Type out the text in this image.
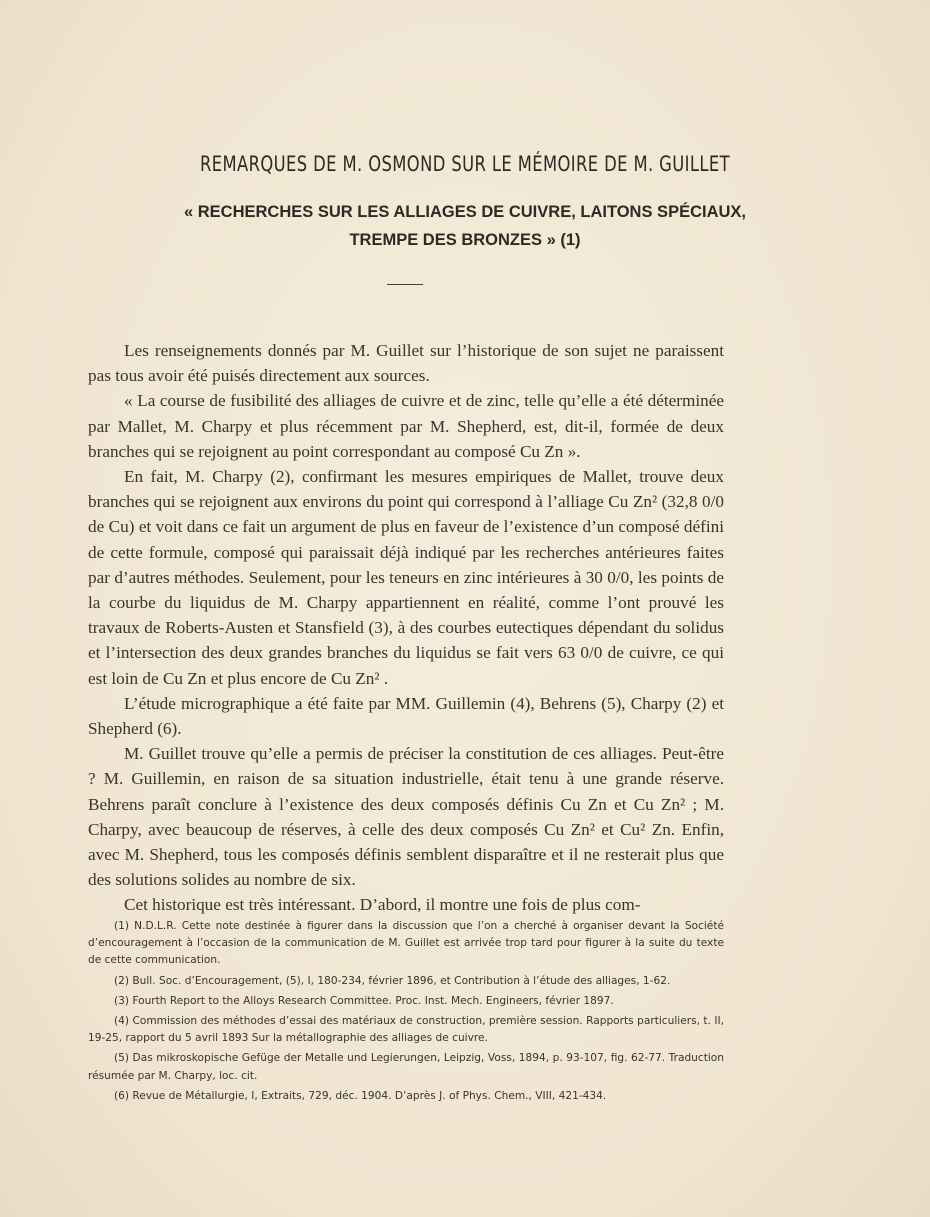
REMARQUES DE M. OSMOND SUR LE MÉMOIRE DE M. GUILLET
« RECHERCHES SUR LES ALLIAGES DE CUIVRE, LAITONS SPÉCIAUX,
TREMPE DES BRONZES » (1)

Les renseignements donnés par M. Guillet sur l’historique de son sujet ne paraissent pas tous avoir été puisés directement aux sources.

« La course de fusibilité des alliages de cuivre et de zinc, telle qu’elle a été déterminée par Mallet, M. Charpy et plus récemment par M. Shepherd, est, dit-il, formée de deux branches qui se rejoignent au point correspondant au composé Cu Zn ».

En fait, M. Charpy (2), confirmant les mesures empiriques de Mallet, trouve deux branches qui se rejoignent aux environs du point qui correspond à l’alliage Cu Zn² (32,8 0/0 de Cu) et voit dans ce fait un argument de plus en faveur de l’existence d’un composé défini de cette formule, composé qui paraissait déjà indiqué par les recherches antérieures faites par d’autres méthodes. Seulement, pour les teneurs en zinc intérieures à 30 0/0, les points de la courbe du liquidus de M. Charpy appartiennent en réalité, comme l’ont prouvé les travaux de Roberts-Austen et Stansfield (3), à des courbes eutectiques dépendant du solidus et l’intersection des deux grandes branches du liquidus se fait vers 63 0/0 de cuivre, ce qui est loin de Cu Zn et plus encore de Cu Zn² .

L’étude micrographique a été faite par MM. Guillemin (4), Behrens (5), Charpy (2) et Shepherd (6).

M. Guillet trouve qu’elle a permis de préciser la constitution de ces alliages. Peut-être ? M. Guillemin, en raison de sa situation industrielle, était tenu à une grande réserve. Behrens paraît conclure à l’existence des deux composés définis Cu Zn et Cu Zn² ; M. Charpy, avec beaucoup de réserves, à celle des deux composés Cu Zn² et Cu² Zn. Enfin, avec M. Shepherd, tous les composés définis semblent disparaître et il ne resterait plus que des solutions solides au nombre de six.

Cet historique est très intéressant. D’abord, il montre une fois de plus com-

(1) N.D.L.R. Cette note destinée à figurer dans la discussion que l’on a cherché à organiser devant la Société d’encouragement à l’occasion de la communication de M. Guillet est arrivée trop tard pour figurer à la suite du texte de cette communication.

(2) Bull. Soc. d’Encouragement, (5), I, 180-234, février 1896, et Contribution à l’étude des alliages, 1-62.

(3) Fourth Report to the Alloys Research Committee. Proc. Inst. Mech. Engineers, février 1897.

(4) Commission des méthodes d’essai des matériaux de construction, première session. Rapports particuliers, t. II, 19-25, rapport du 5 avril 1893 Sur la métallographie des alliages de cuivre.

(5) Das mikroskopische Gefüge der Metalle und Legierungen, Leipzig, Voss, 1894, p. 93-107, fig. 62-77. Traduction résumée par M. Charpy, loc. cit.

(6) Revue de Métallurgie, I, Extraits, 729, déc. 1904. D’après J. of Phys. Chem., VIII, 421-434.
